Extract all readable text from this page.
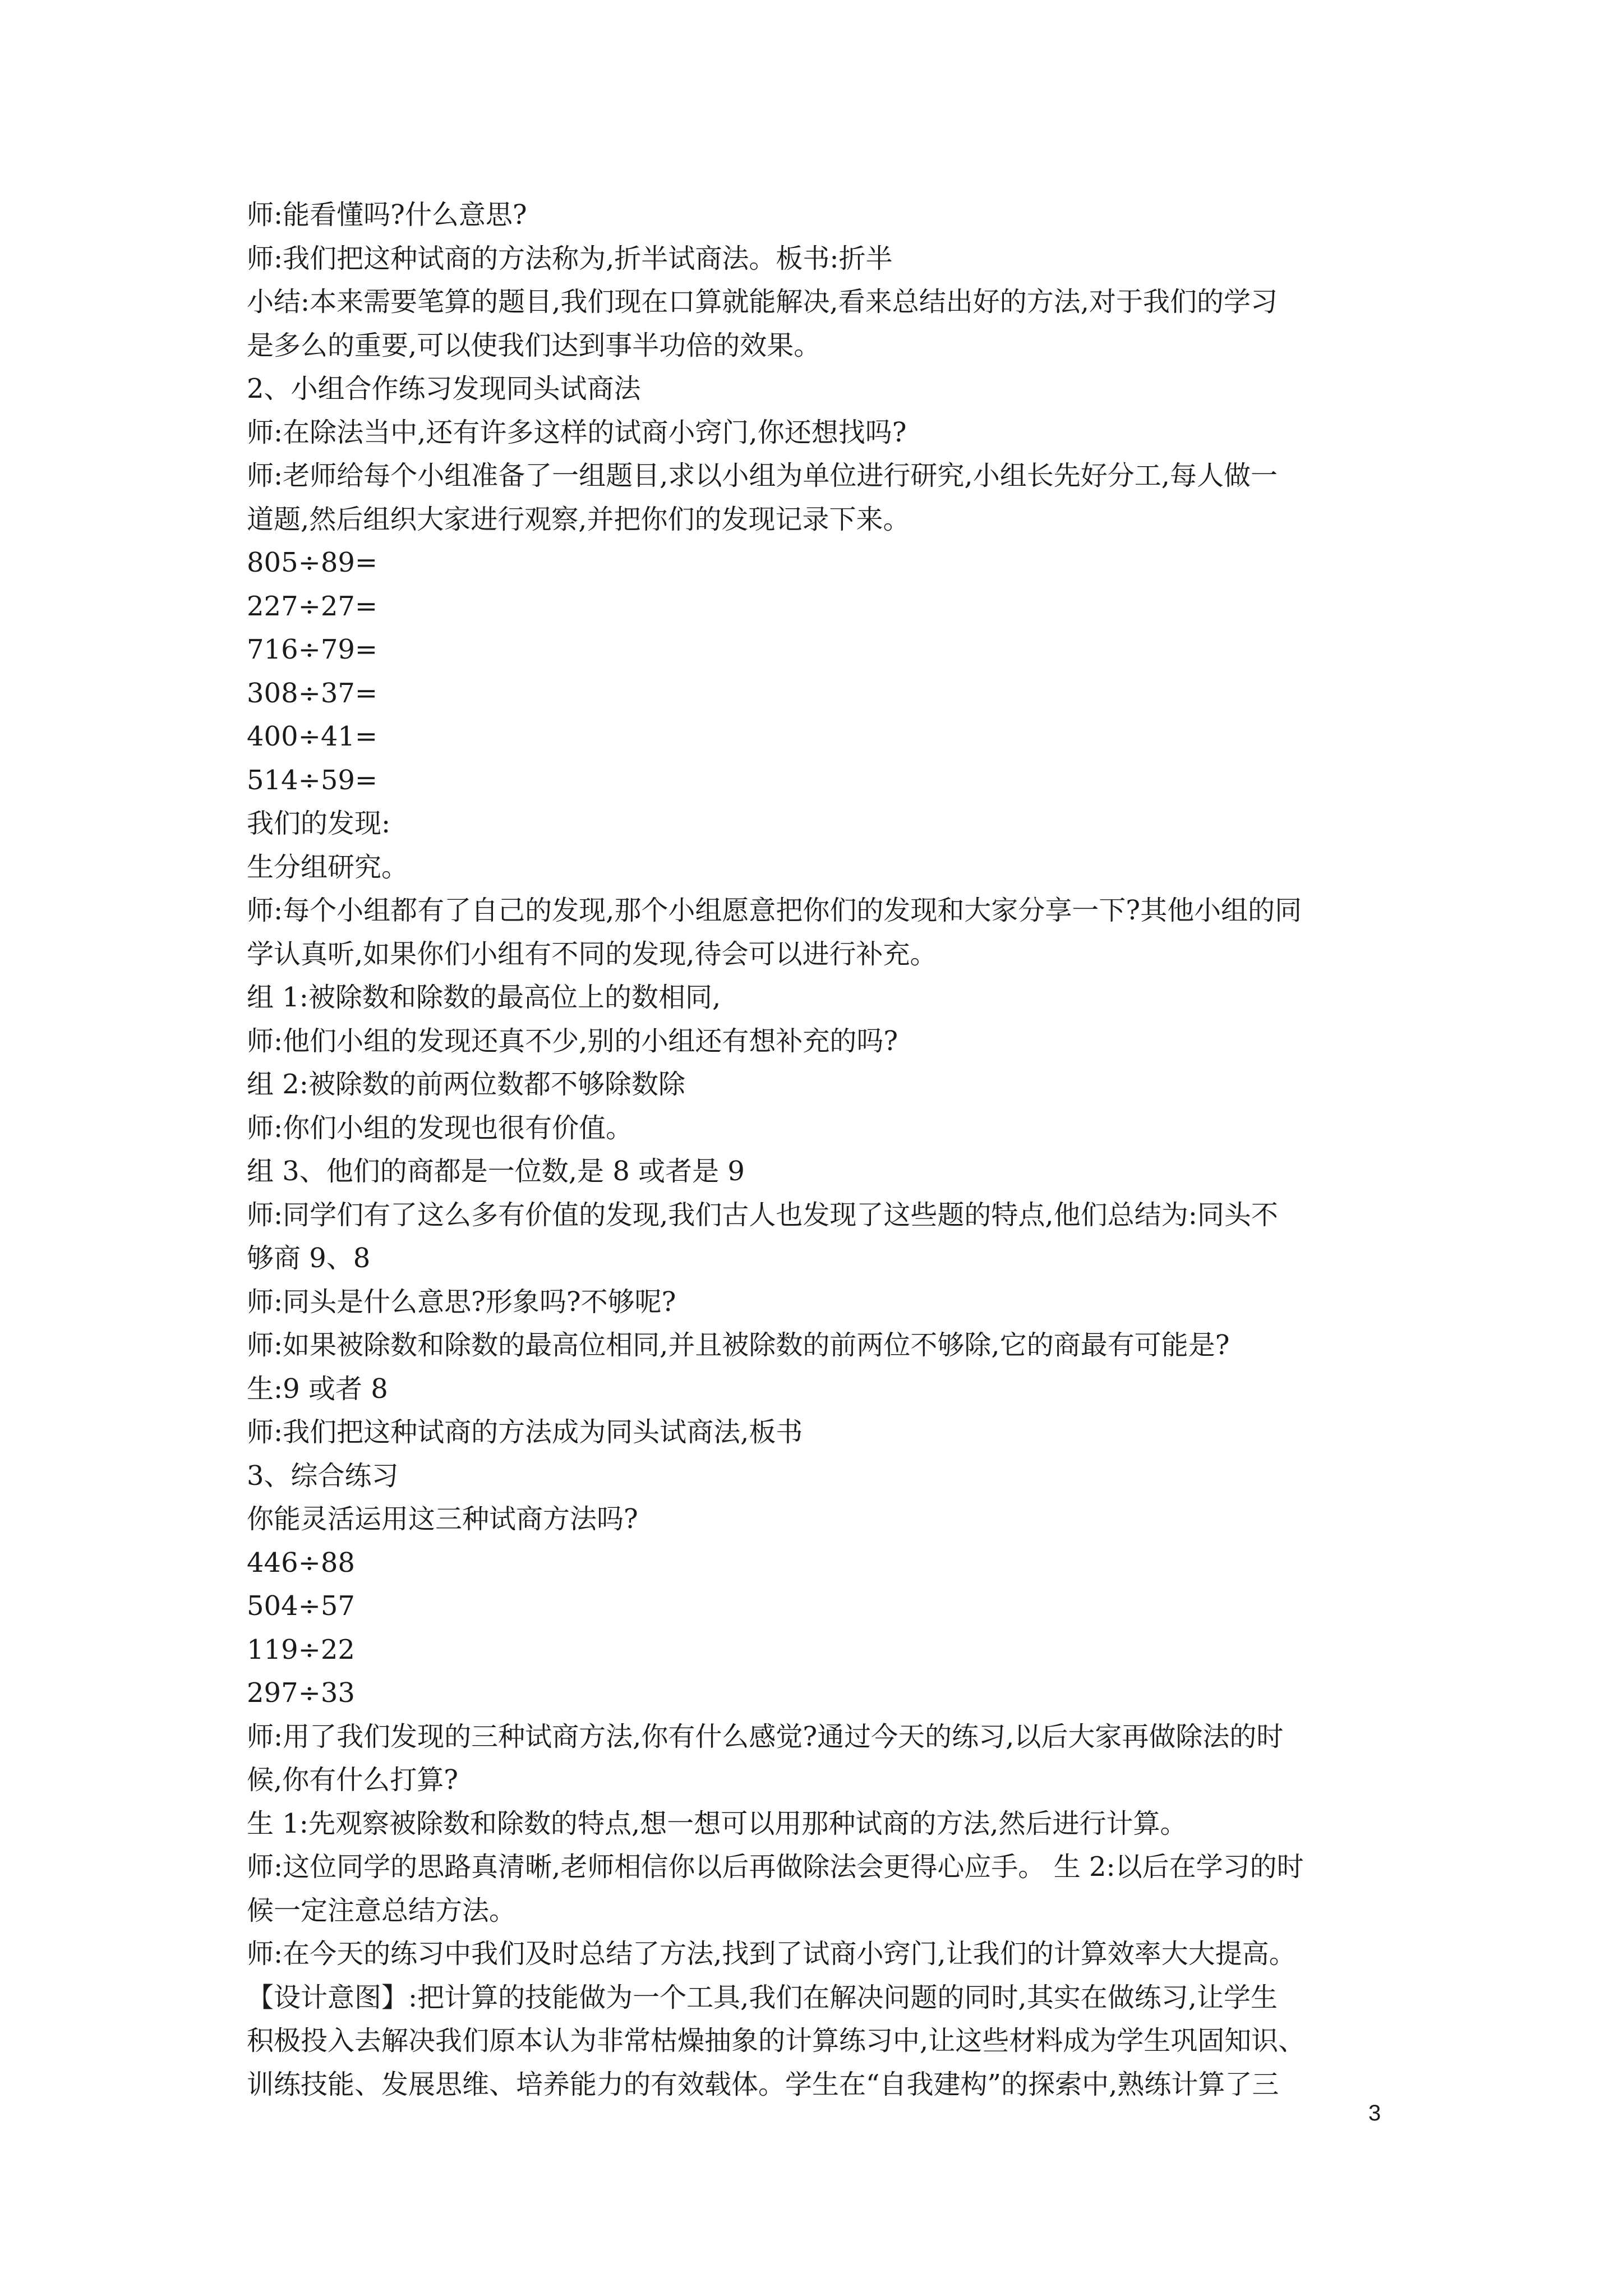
师:能看懂吗?什么意思?
师:我们把这种试商的方法称为,折半试商法。板书:折半
小结:本来需要笔算的题目,我们现在口算就能解决,看来总结出好的方法,对于我们的学习
是多么的重要,可以使我们达到事半功倍的效果。
2、小组合作练习发现同头试商法
师:在除法当中,还有许多这样的试商小窍门,你还想找吗?
师:老师给每个小组准备了一组题目,求以小组为单位进行研究,小组长先好分工,每人做一
道题,然后组织大家进行观察,并把你们的发现记录下来。
805÷89=
227÷27=
716÷79=
308÷37=
400÷41=
514÷59=
我们的发现:
生分组研究。
师:每个小组都有了自己的发现,那个小组愿意把你们的发现和大家分享一下?其他小组的同
学认真听,如果你们小组有不同的发现,待会可以进行补充。
组 1:被除数和除数的最高位上的数相同,
师:他们小组的发现还真不少,别的小组还有想补充的吗?
组 2:被除数的前两位数都不够除数除
师:你们小组的发现也很有价值。
组 3、他们的商都是一位数,是 8 或者是 9
师:同学们有了这么多有价值的发现,我们古人也发现了这些题的特点,他们总结为:同头不
够商 9、8
师:同头是什么意思?形象吗?不够呢?
师:如果被除数和除数的最高位相同,并且被除数的前两位不够除,它的商最有可能是?
生:9 或者 8
师:我们把这种试商的方法成为同头试商法,板书
3、综合练习
你能灵活运用这三种试商方法吗?
446÷88
504÷57
119÷22
297÷33
师:用了我们发现的三种试商方法,你有什么感觉?通过今天的练习,以后大家再做除法的时
候,你有什么打算?
生 1:先观察被除数和除数的特点,想一想可以用那种试商的方法,然后进行计算。
师:这位同学的思路真清晰,老师相信你以后再做除法会更得心应手。 生 2:以后在学习的时
候一定注意总结方法。
师:在今天的练习中我们及时总结了方法,找到了试商小窍门,让我们的计算效率大大提高。
【设计意图】:把计算的技能做为一个工具,我们在解决问题的同时,其实在做练习,让学生
积极投入去解决我们原本认为非常枯燥抽象的计算练习中,让这些材料成为学生巩固知识、
训练技能、发展思维、培养能力的有效载体。学生在“自我建构”的探索中,熟练计算了三
3
